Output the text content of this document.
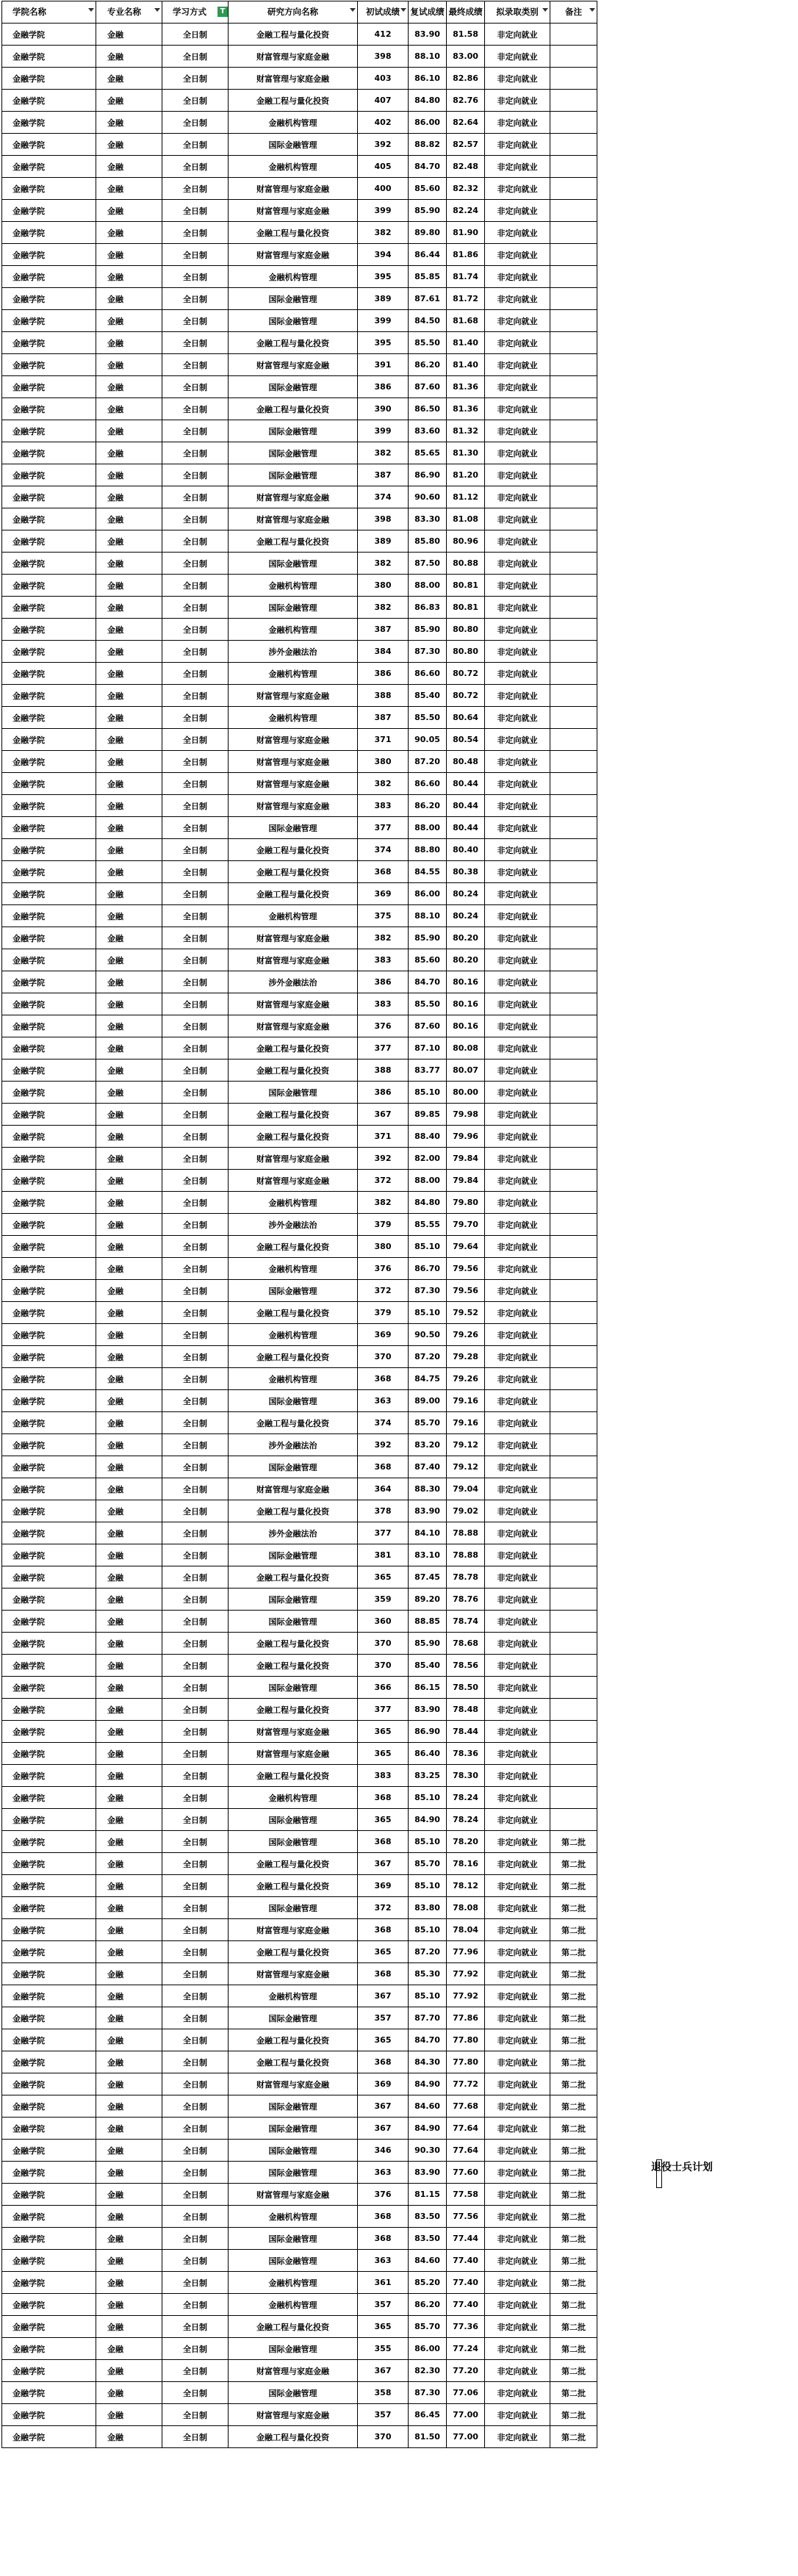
学院名称	专业名称	学习方式 T	研究方向名称	初试成绩	复试成绩	最终成绩	拟录取类别	备注

金融学院	金融	全日制	金融工程与量化投资	412	83.90	81.58	非定向就业	
金融学院	金融	全日制	财富管理与家庭金融	398	88.10	83.00	非定向就业	
金融学院	金融	全日制	财富管理与家庭金融	403	86.10	82.86	非定向就业	
金融学院	金融	全日制	金融工程与量化投资	407	84.80	82.76	非定向就业	
金融学院	金融	全日制	金融机构管理	402	86.00	82.64	非定向就业	
金融学院	金融	全日制	国际金融管理	392	88.82	82.57	非定向就业	
金融学院	金融	全日制	金融机构管理	405	84.70	82.48	非定向就业	
金融学院	金融	全日制	财富管理与家庭金融	400	85.60	82.32	非定向就业	
金融学院	金融	全日制	财富管理与家庭金融	399	85.90	82.24	非定向就业	
金融学院	金融	全日制	金融工程与量化投资	382	89.80	81.90	非定向就业	
金融学院	金融	全日制	财富管理与家庭金融	394	86.44	81.86	非定向就业	
金融学院	金融	全日制	金融机构管理	395	85.85	81.74	非定向就业	
金融学院	金融	全日制	国际金融管理	389	87.61	81.72	非定向就业	
金融学院	金融	全日制	国际金融管理	399	84.50	81.68	非定向就业	
金融学院	金融	全日制	金融工程与量化投资	395	85.50	81.40	非定向就业	
金融学院	金融	全日制	财富管理与家庭金融	391	86.20	81.40	非定向就业	
金融学院	金融	全日制	国际金融管理	386	87.60	81.36	非定向就业	
金融学院	金融	全日制	金融工程与量化投资	390	86.50	81.36	非定向就业	
金融学院	金融	全日制	国际金融管理	399	83.60	81.32	非定向就业	
金融学院	金融	全日制	国际金融管理	382	85.65	81.30	非定向就业	
金融学院	金融	全日制	国际金融管理	387	86.90	81.20	非定向就业	
金融学院	金融	全日制	财富管理与家庭金融	374	90.60	81.12	非定向就业	
金融学院	金融	全日制	财富管理与家庭金融	398	83.30	81.08	非定向就业	
金融学院	金融	全日制	金融工程与量化投资	389	85.80	80.96	非定向就业	
金融学院	金融	全日制	国际金融管理	382	87.50	80.88	非定向就业	
金融学院	金融	全日制	金融机构管理	380	88.00	80.81	非定向就业	
金融学院	金融	全日制	国际金融管理	382	86.83	80.81	非定向就业	
金融学院	金融	全日制	金融机构管理	387	85.90	80.80	非定向就业	
金融学院	金融	全日制	涉外金融法治	384	87.30	80.80	非定向就业	
金融学院	金融	全日制	金融机构管理	386	86.60	80.72	非定向就业	
金融学院	金融	全日制	财富管理与家庭金融	388	85.40	80.72	非定向就业	
金融学院	金融	全日制	金融机构管理	387	85.50	80.64	非定向就业	
金融学院	金融	全日制	财富管理与家庭金融	371	90.05	80.54	非定向就业	
金融学院	金融	全日制	财富管理与家庭金融	380	87.20	80.48	非定向就业	
金融学院	金融	全日制	财富管理与家庭金融	382	86.60	80.44	非定向就业	
金融学院	金融	全日制	财富管理与家庭金融	383	86.20	80.44	非定向就业	
金融学院	金融	全日制	国际金融管理	377	88.00	80.44	非定向就业	
金融学院	金融	全日制	金融工程与量化投资	374	88.80	80.40	非定向就业	
金融学院	金融	全日制	金融工程与量化投资	368	84.55	80.38	非定向就业	
金融学院	金融	全日制	金融工程与量化投资	369	86.00	80.24	非定向就业	
金融学院	金融	全日制	金融机构管理	375	88.10	80.24	非定向就业	
金融学院	金融	全日制	财富管理与家庭金融	382	85.90	80.20	非定向就业	
金融学院	金融	全日制	财富管理与家庭金融	383	85.60	80.20	非定向就业	
金融学院	金融	全日制	涉外金融法治	386	84.70	80.16	非定向就业	
金融学院	金融	全日制	财富管理与家庭金融	383	85.50	80.16	非定向就业	
金融学院	金融	全日制	财富管理与家庭金融	376	87.60	80.16	非定向就业	
金融学院	金融	全日制	金融工程与量化投资	377	87.10	80.08	非定向就业	
金融学院	金融	全日制	金融工程与量化投资	388	83.77	80.07	非定向就业	
金融学院	金融	全日制	国际金融管理	386	85.10	80.00	非定向就业	
金融学院	金融	全日制	金融工程与量化投资	367	89.85	79.98	非定向就业	
金融学院	金融	全日制	金融工程与量化投资	371	88.40	79.96	非定向就业	
金融学院	金融	全日制	财富管理与家庭金融	392	82.00	79.84	非定向就业	
金融学院	金融	全日制	财富管理与家庭金融	372	88.00	79.84	非定向就业	
金融学院	金融	全日制	金融机构管理	382	84.80	79.80	非定向就业	
金融学院	金融	全日制	涉外金融法治	379	85.55	79.70	非定向就业	
金融学院	金融	全日制	金融工程与量化投资	380	85.10	79.64	非定向就业	
金融学院	金融	全日制	金融机构管理	376	86.70	79.56	非定向就业	
金融学院	金融	全日制	国际金融管理	372	87.30	79.56	非定向就业	
金融学院	金融	全日制	金融工程与量化投资	379	85.10	79.52	非定向就业	
金融学院	金融	全日制	金融机构管理	369	90.50	79.26	非定向就业	
金融学院	金融	全日制	金融工程与量化投资	370	87.20	79.28	非定向就业	
金融学院	金融	全日制	金融机构管理	368	84.75	79.26	非定向就业	
金融学院	金融	全日制	国际金融管理	363	89.00	79.16	非定向就业	
金融学院	金融	全日制	金融工程与量化投资	374	85.70	79.16	非定向就业	
金融学院	金融	全日制	涉外金融法治	392	83.20	79.12	非定向就业	
金融学院	金融	全日制	国际金融管理	368	87.40	79.12	非定向就业	
金融学院	金融	全日制	财富管理与家庭金融	364	88.30	79.04	非定向就业	
金融学院	金融	全日制	金融工程与量化投资	378	83.90	79.02	非定向就业	
金融学院	金融	全日制	涉外金融法治	377	84.10	78.88	非定向就业	
金融学院	金融	全日制	国际金融管理	381	83.10	78.88	非定向就业	
金融学院	金融	全日制	金融工程与量化投资	365	87.45	78.78	非定向就业	
金融学院	金融	全日制	国际金融管理	359	89.20	78.76	非定向就业	
金融学院	金融	全日制	国际金融管理	360	88.85	78.74	非定向就业	
金融学院	金融	全日制	金融工程与量化投资	370	85.90	78.68	非定向就业	
金融学院	金融	全日制	金融工程与量化投资	370	85.40	78.56	非定向就业	
金融学院	金融	全日制	国际金融管理	366	86.15	78.50	非定向就业	
金融学院	金融	全日制	金融工程与量化投资	377	83.90	78.48	非定向就业	
金融学院	金融	全日制	财富管理与家庭金融	365	86.90	78.44	非定向就业	
金融学院	金融	全日制	财富管理与家庭金融	365	86.40	78.36	非定向就业	
金融学院	金融	全日制	金融工程与量化投资	383	83.25	78.30	非定向就业	
金融学院	金融	全日制	金融机构管理	368	85.10	78.24	非定向就业	
金融学院	金融	全日制	国际金融管理	365	84.90	78.24	非定向就业	
金融学院	金融	全日制	国际金融管理	368	85.10	78.20	非定向就业	第二批
金融学院	金融	全日制	金融工程与量化投资	367	85.70	78.16	非定向就业	第二批
金融学院	金融	全日制	金融工程与量化投资	369	85.10	78.12	非定向就业	第二批
金融学院	金融	全日制	国际金融管理	372	83.80	78.08	非定向就业	第二批
金融学院	金融	全日制	财富管理与家庭金融	368	85.10	78.04	非定向就业	第二批
金融学院	金融	全日制	金融工程与量化投资	365	87.20	77.96	非定向就业	第二批
金融学院	金融	全日制	财富管理与家庭金融	368	85.30	77.92	非定向就业	第二批
金融学院	金融	全日制	金融机构管理	367	85.10	77.92	非定向就业	第二批
金融学院	金融	全日制	国际金融管理	357	87.70	77.86	非定向就业	第二批
金融学院	金融	全日制	金融工程与量化投资	365	84.70	77.80	非定向就业	第二批
金融学院	金融	全日制	金融工程与量化投资	368	84.30	77.80	非定向就业	第二批
金融学院	金融	全日制	财富管理与家庭金融	369	84.90	77.72	非定向就业	第二批
金融学院	金融	全日制	国际金融管理	367	84.60	77.68	非定向就业	第二批
金融学院	金融	全日制	国际金融管理	367	84.90	77.64	非定向就业	第二批
金融学院	金融	全日制	国际金融管理	346	90.30	77.64	非定向就业	第二批
金融学院	金融	全日制	国际金融管理	363	83.90	77.60	非定向就业	第二批
金融学院	金融	全日制	财富管理与家庭金融	376	81.15	77.58	非定向就业	第二批
金融学院	金融	全日制	金融机构管理	368	83.50	77.56	非定向就业	第二批
金融学院	金融	全日制	国际金融管理	368	83.50	77.44	非定向就业	第二批
金融学院	金融	全日制	国际金融管理	363	84.60	77.40	非定向就业	第二批
金融学院	金融	全日制	金融机构管理	361	85.20	77.40	非定向就业	第二批
金融学院	金融	全日制	金融机构管理	357	86.20	77.40	非定向就业	第二批
金融学院	金融	全日制	金融工程与量化投资	365	85.70	77.36	非定向就业	第二批
金融学院	金融	全日制	国际金融管理	355	86.00	77.24	非定向就业	第二批
金融学院	金融	全日制	财富管理与家庭金融	367	82.30	77.20	非定向就业	第二批
金融学院	金融	全日制	国际金融管理	358	87.30	77.06	非定向就业	第二批
金融学院	金融	全日制	财富管理与家庭金融	357	86.45	77.00	非定向就业	第二批
金融学院	金融	全日制	金融工程与量化投资	370	81.50	77.00	非定向就业	第二批
退役士兵计划
